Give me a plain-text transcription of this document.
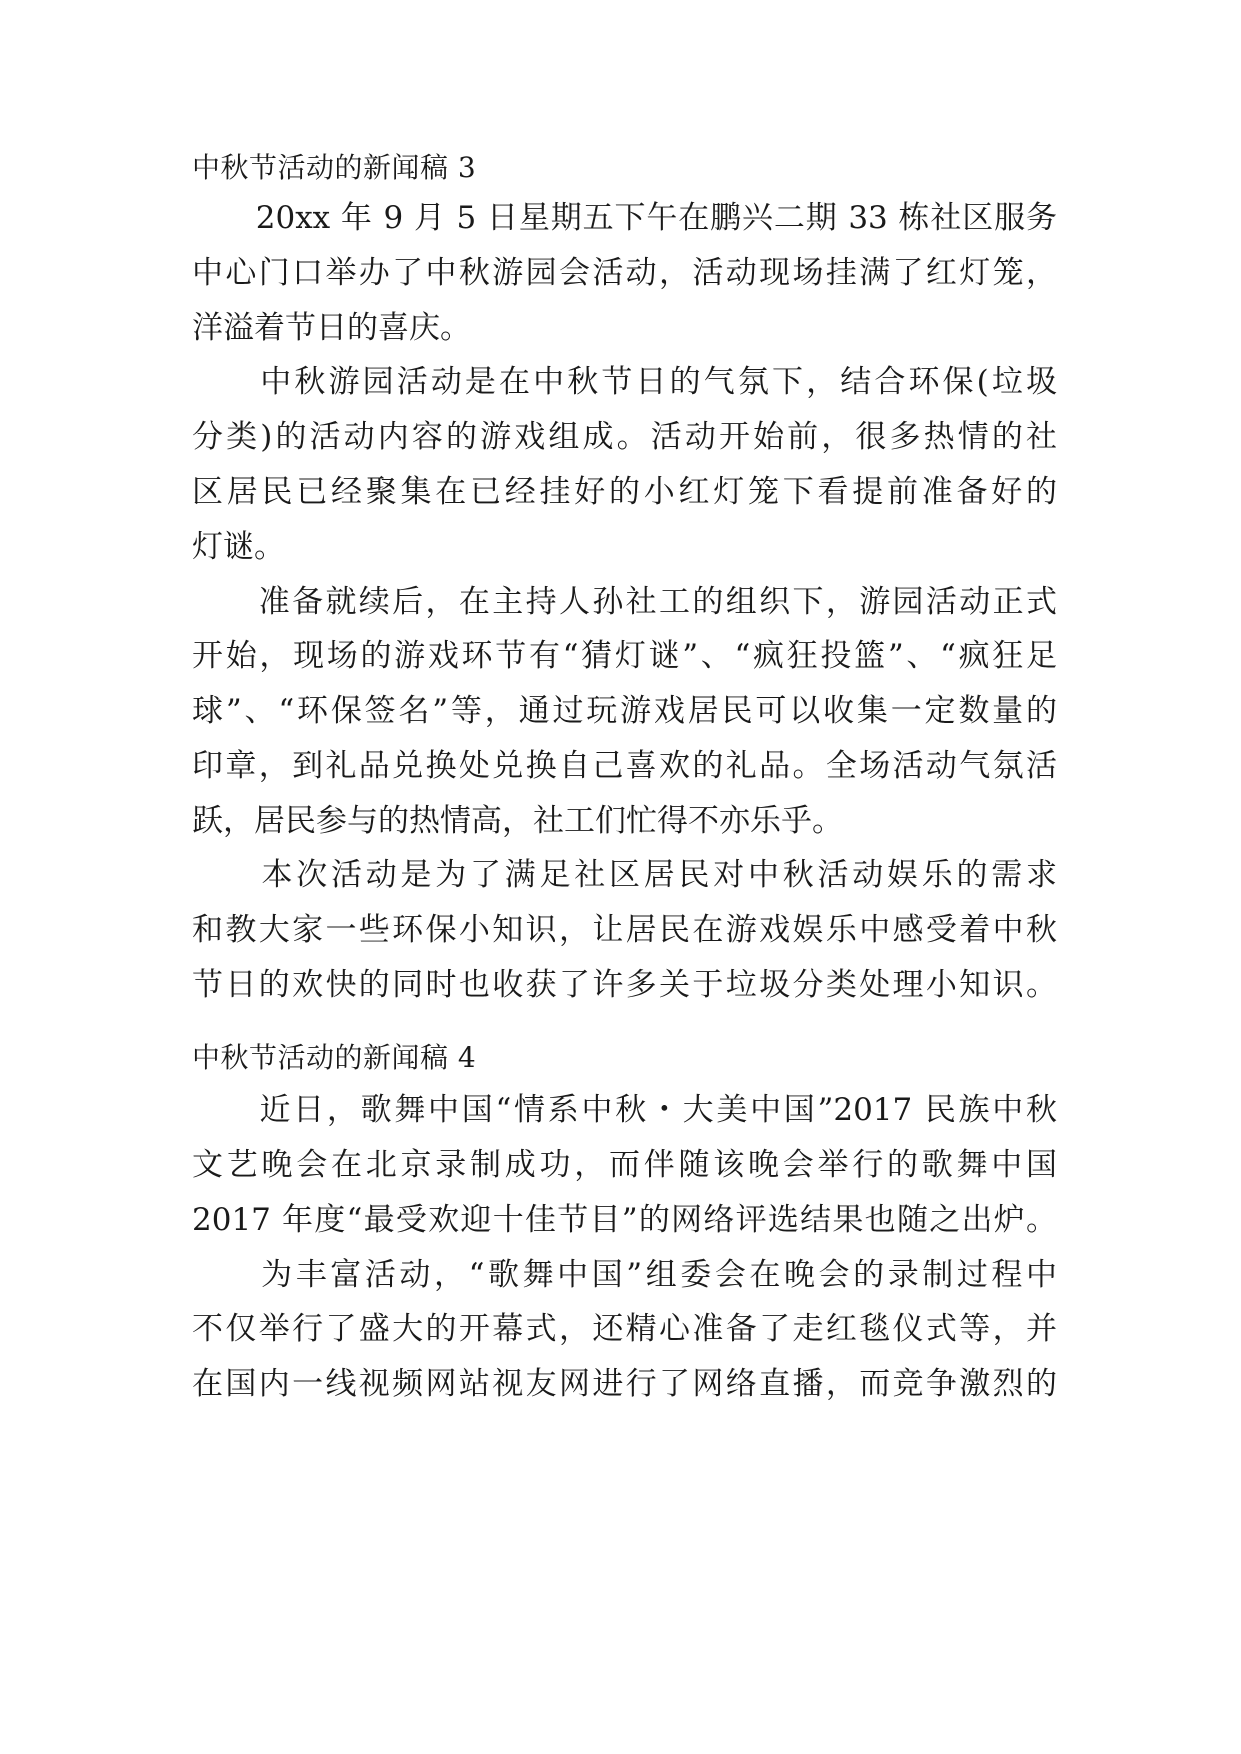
中秋节活动的新闻稿 3
　　20xx 年 9 月 5 日星期五下午在鹏兴二期 33 栋社区服务
中心门口举办了中秋游园会活动，活动现场挂满了红灯笼，
洋溢着节日的喜庆。
　　中秋游园活动是在中秋节日的气氛下，结合环保(垃圾
分类)的活动内容的游戏组成。活动开始前，很多热情的社
区居民已经聚集在已经挂好的小红灯笼下看提前准备好的
灯谜。
　　准备就续后，在主持人孙社工的组织下，游园活动正式
开始，现场的游戏环节有“猜灯谜”、“疯狂投篮”、“疯狂足
球”、“环保签名”等，通过玩游戏居民可以收集一定数量的
印章，到礼品兑换处兑换自己喜欢的礼品。全场活动气氛活
跃，居民参与的热情高，社工们忙得不亦乐乎。
　　本次活动是为了满足社区居民对中秋活动娱乐的需求
和教大家一些环保小知识，让居民在游戏娱乐中感受着中秋
节日的欢快的同时也收获了许多关于垃圾分类处理小知识。
中秋节活动的新闻稿 4
　　近日，歌舞中国“情系中秋・大美中国”2017 民族中秋
文艺晚会在北京录制成功，而伴随该晚会举行的歌舞中国
2017 年度“最受欢迎十佳节目”的网络评选结果也随之出炉。
　　为丰富活动，“歌舞中国”组委会在晚会的录制过程中
不仅举行了盛大的开幕式，还精心准备了走红毯仪式等，并
在国内一线视频网站视友网进行了网络直播，而竞争激烈的
